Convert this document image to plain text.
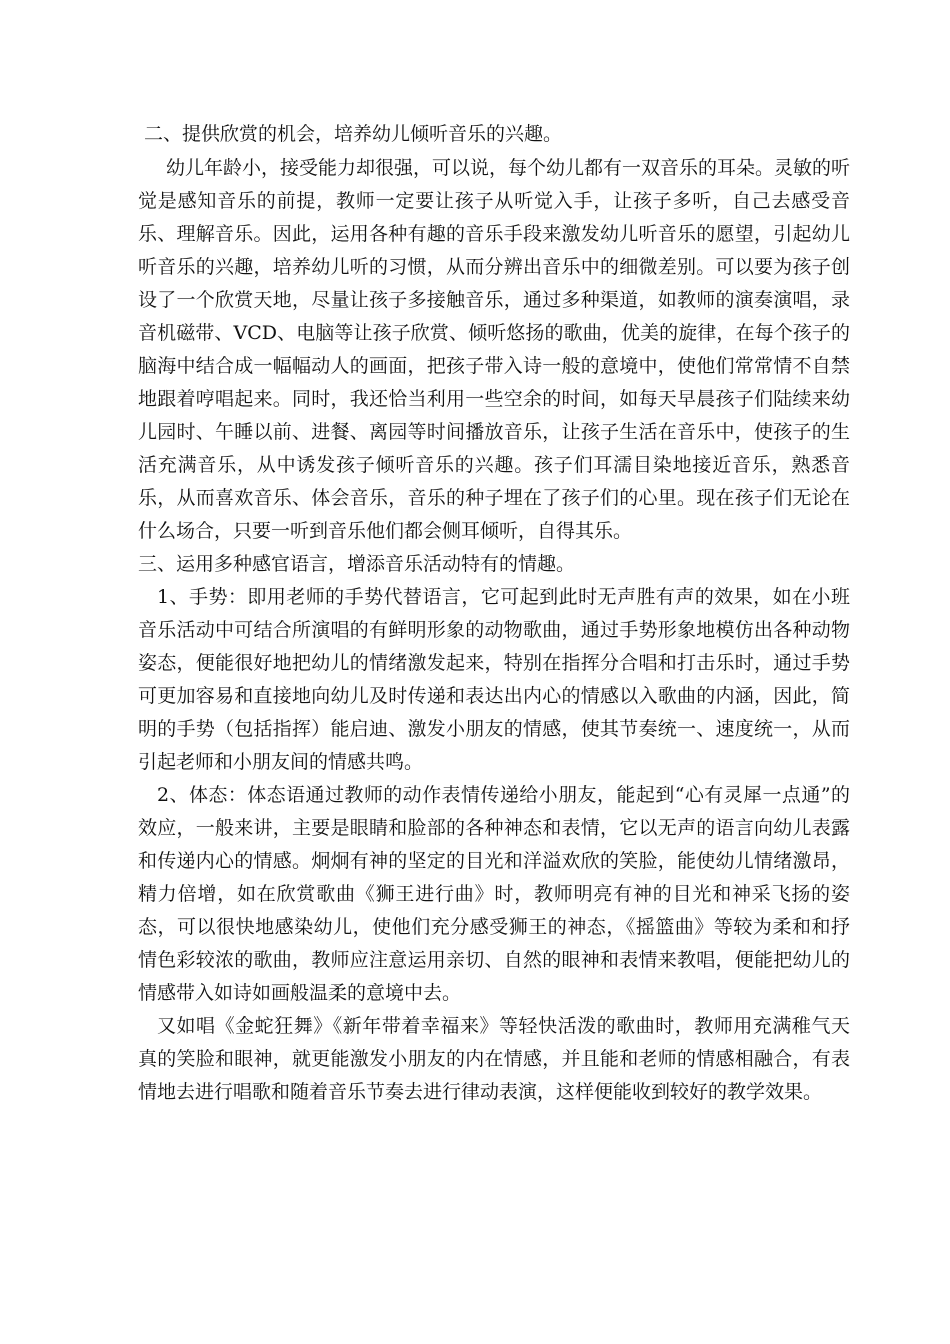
二、提供欣赏的机会，培养幼儿倾听音乐的兴趣。

幼儿年龄小，接受能力却很强，可以说，每个幼儿都有一双音乐的耳朵。灵敏的听觉是感知音乐的前提，教师一定要让孩子从听觉入手，让孩子多听，自己去感受音乐、理解音乐。因此，运用各种有趣的音乐手段来激发幼儿听音乐的愿望，引起幼儿听音乐的兴趣，培养幼儿听的习惯，从而分辨出音乐中的细微差别。可以要为孩子创设了一个欣赏天地，尽量让孩子多接触音乐，通过多种渠道，如教师的演奏演唱，录音机磁带、VCD、电脑等让孩子欣赏、倾听悠扬的歌曲，优美的旋律，在每个孩子的脑海中结合成一幅幅动人的画面，把孩子带入诗一般的意境中，使他们常常情不自禁地跟着哼唱起来。同时，我还恰当利用一些空余的时间，如每天早晨孩子们陆续来幼儿园时、午睡以前、进餐、离园等时间播放音乐，让孩子生活在音乐中，使孩子的生活充满音乐，从中诱发孩子倾听音乐的兴趣。孩子们耳濡目染地接近音乐，熟悉音乐，从而喜欢音乐、体会音乐，音乐的种子埋在了孩子们的心里。现在孩子们无论在什么场合，只要一听到音乐他们都会侧耳倾听，自得其乐。

三、运用多种感官语言，增添音乐活动特有的情趣。

1、手势：即用老师的手势代替语言，它可起到此时无声胜有声的效果，如在小班音乐活动中可结合所演唱的有鲜明形象的动物歌曲，通过手势形象地模仿出各种动物姿态，便能很好地把幼儿的情绪激发起来，特别在指挥分合唱和打击乐时，通过手势可更加容易和直接地向幼儿及时传递和表达出内心的情感以入歌曲的内涵，因此，简明的手势（包括指挥）能启迪、激发小朋友的情感，使其节奏统一、速度统一，从而引起老师和小朋友间的情感共鸣。

2、体态：体态语通过教师的动作表情传递给小朋友，能起到“心有灵犀一点通”的效应，一般来讲，主要是眼睛和脸部的各种神态和表情，它以无声的语言向幼儿表露和传递内心的情感。炯炯有神的坚定的目光和洋溢欢欣的笑脸，能使幼儿情绪激昂，精力倍增，如在欣赏歌曲《狮王进行曲》时，教师明亮有神的目光和神采飞扬的姿态，可以很快地感染幼儿，使他们充分感受狮王的神态，《摇篮曲》等较为柔和和抒情色彩较浓的歌曲，教师应注意运用亲切、自然的眼神和表情来教唱，便能把幼儿的情感带入如诗如画般温柔的意境中去。

又如唱《金蛇狂舞》《新年带着幸福来》等轻快活泼的歌曲时，教师用充满稚气天真的笑脸和眼神，就更能激发小朋友的内在情感，并且能和老师的情感相融合，有表情地去进行唱歌和随着音乐节奏去进行律动表演，这样便能收到较好的教学效果。
